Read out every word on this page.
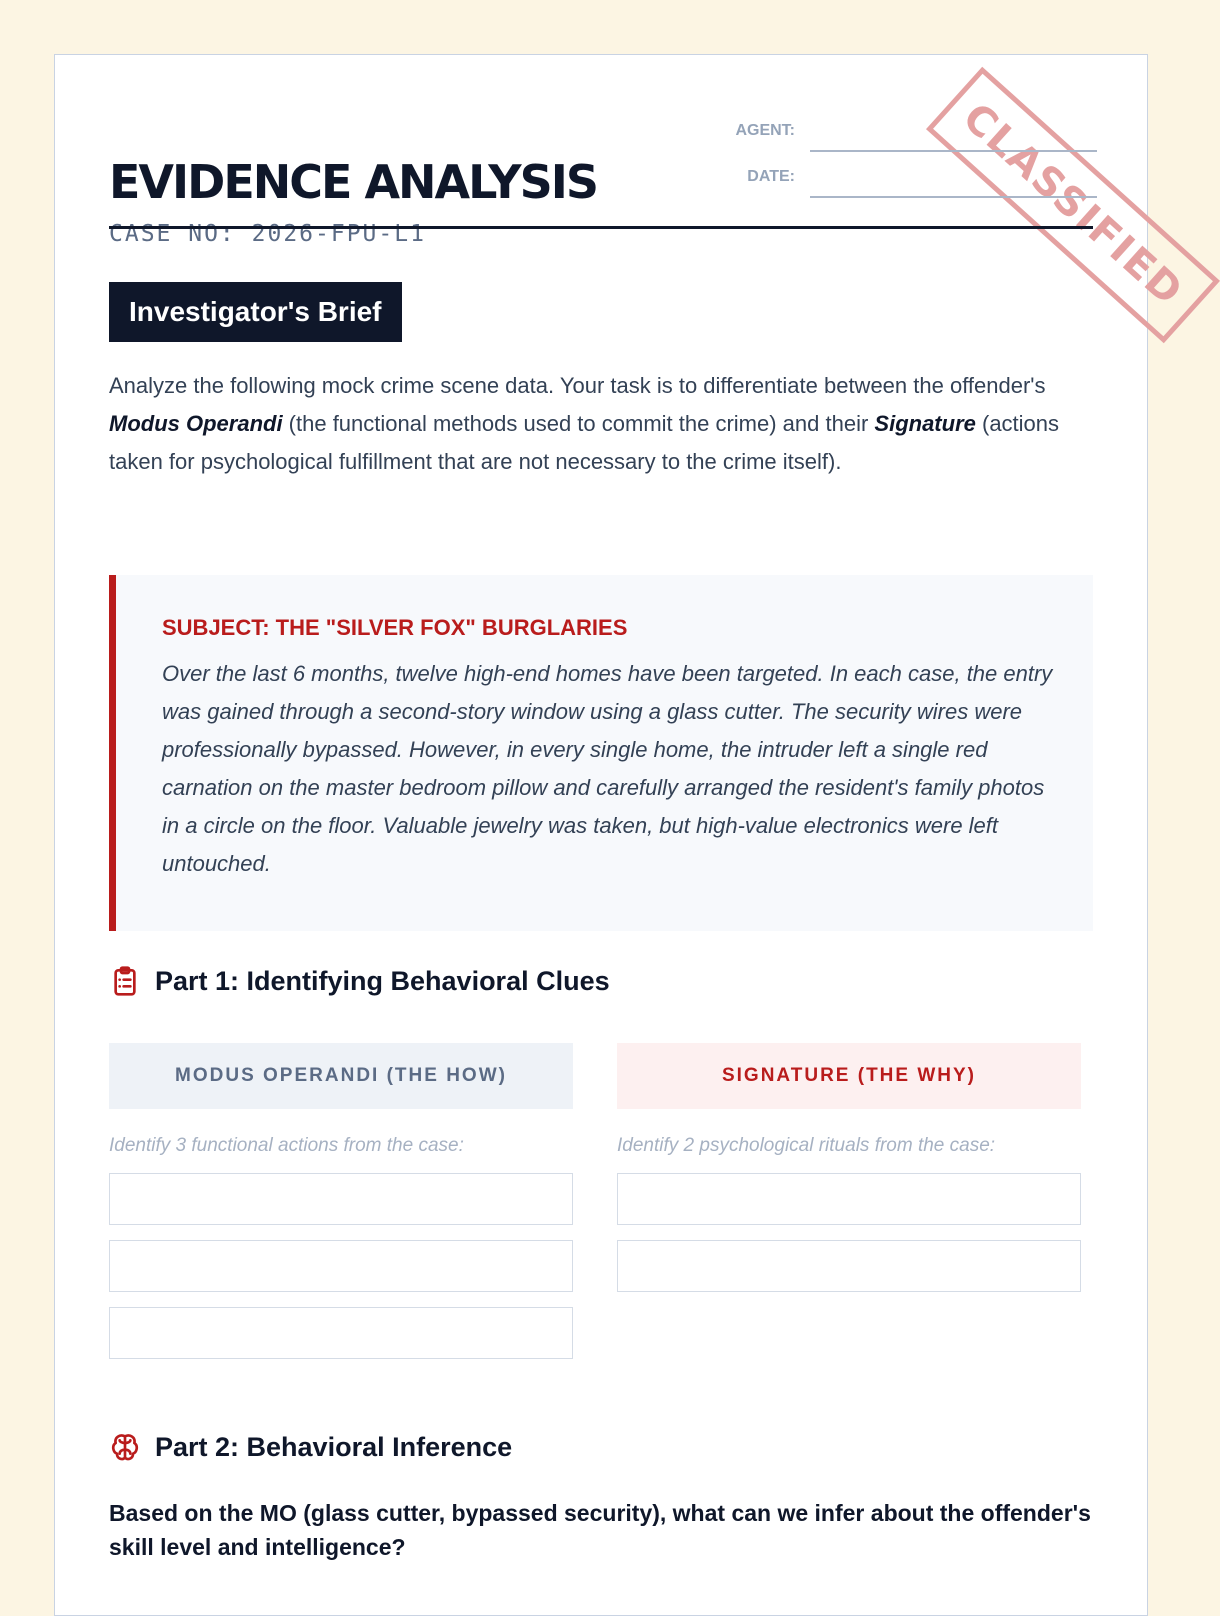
CLASSIFIED
EVIDENCE ANALYSIS
CASE NO: 2026-FPU-L1
AGENT:
DATE:
Investigator's Brief

Analyze the following mock crime scene data. Your task is to differentiate between the offender's Modus Operandi (the functional methods used to commit the crime) and their Signature (actions taken for psychological fulfillment that are not necessary to the crime itself).

SUBJECT: THE "SILVER FOX" BURGLARIES

Over the last 6 months, twelve high-end homes have been targeted. In each case, the entry was gained through a second-story window using a glass cutter. The security wires were professionally bypassed. However, in every single home, the intruder left a single red carnation on the master bedroom pillow and carefully arranged the resident's family photos in a circle on the floor. Valuable jewelry was taken, but high-value electronics were left untouched.

Part 1: Identifying Behavioral Clues
MODUS OPERANDI (THE HOW)	SIGNATURE (THE WHY)
Identify 3 functional actions from the case:	Identify 2 psychological rituals from the case:
Part 2: Behavioral Inference

Based on the MO (glass cutter, bypassed security), what can we infer about the offender's skill level and intelligence?
